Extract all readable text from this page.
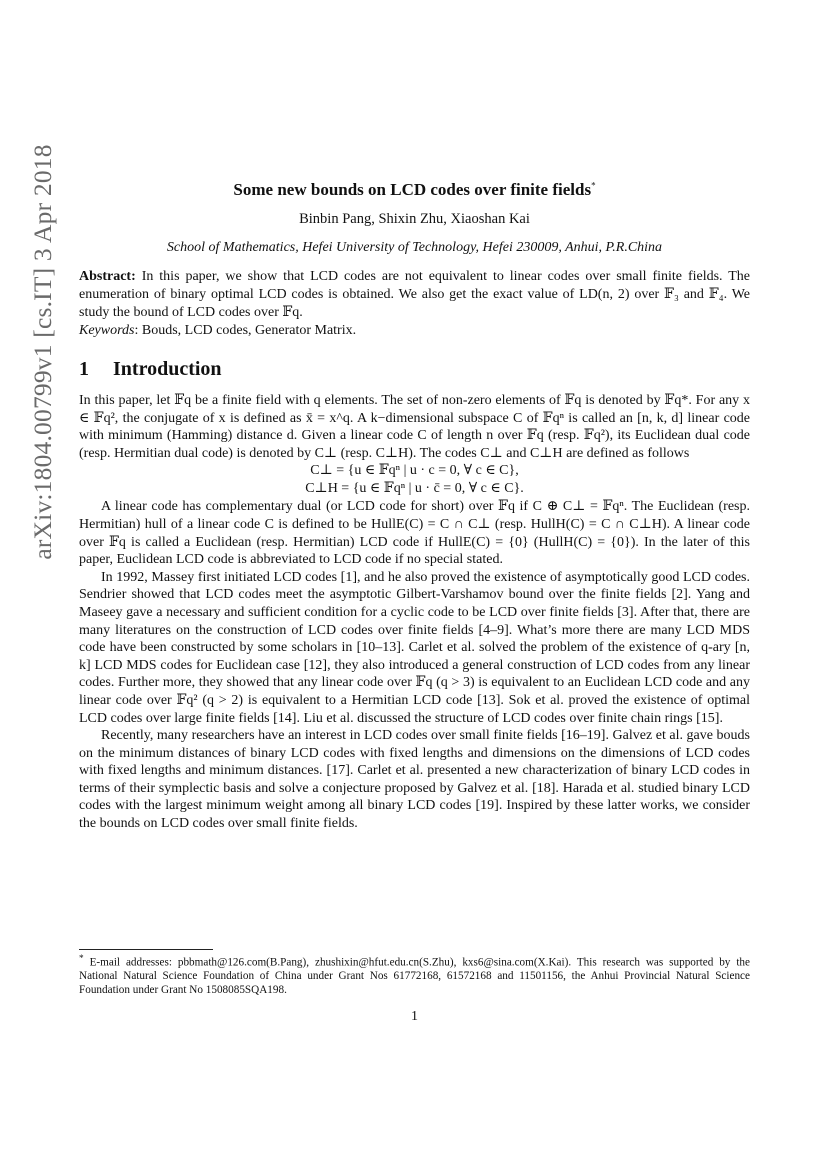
arXiv:1804.00799v1 [cs.IT] 3 Apr 2018	Some new bounds on LCD codes over finite fields*
Binbin Pang, Shixin Zhu, Xiaoshan Kai
School of Mathematics, Hefei University of Technology, Hefei 230009, Anhui, P.R.China
Abstract: In this paper, we show that LCD codes are not equivalent to linear codes over small finite fields. The enumeration of binary optimal LCD codes is obtained. We also get the exact value of LD(n, 2) over 𝔽₃ and 𝔽₄. We study the bound of LCD codes over 𝔽q.
Keywords: Bouds, LCD codes, Generator Matrix.
1 Introduction

In this paper, let 𝔽q be a finite field with q elements. The set of non-zero elements of 𝔽q is denoted by 𝔽q*. For any x ∈ 𝔽q², the conjugate of x is defined as x̄ = x^q. A k−dimensional subspace C of 𝔽qⁿ is called an [n, k, d] linear code with minimum (Hamming) distance d. Given a linear code C of length n over 𝔽q (resp. 𝔽q²), its Euclidean dual code (resp. Hermitian dual code) is denoted by C⊥ (resp. C⊥H). The codes C⊥ and C⊥H are defined as follows

C⊥ = {u ∈ 𝔽qⁿ | u · c = 0, ∀ c ∈ C},

C⊥H = {u ∈ 𝔽qⁿ | u · c̄ = 0, ∀ c ∈ C}.

A linear code has complementary dual (or LCD code for short) over 𝔽q if C ⊕ C⊥ = 𝔽qⁿ. The Euclidean (resp. Hermitian) hull of a linear code C is defined to be HullE(C) = C ∩ C⊥ (resp. HullH(C) = C ∩ C⊥H). A linear code over 𝔽q is called a Euclidean (resp. Hermitian) LCD code if HullE(C) = {0} (HullH(C) = {0}). In the later of this paper, Euclidean LCD code is abbreviated to LCD code if no special stated.

In 1992, Massey first initiated LCD codes [1], and he also proved the existence of asymptotically good LCD codes. Sendrier showed that LCD codes meet the asymptotic Gilbert-Varshamov bound over the finite fields [2]. Yang and Maseey gave a necessary and sufficient condition for a cyclic code to be LCD over finite fields [3]. After that, there are many literatures on the construction of LCD codes over finite fields [4–9]. What’s more there are many LCD MDS code have been constructed by some scholars in [10–13]. Carlet et al. solved the problem of the existence of q-ary [n, k] LCD MDS codes for Euclidean case [12], they also introduced a general construction of LCD codes from any linear codes. Further more, they showed that any linear code over 𝔽q (q > 3) is equivalent to an Euclidean LCD code and any linear code over 𝔽q² (q > 2) is equivalent to a Hermitian LCD code [13]. Sok et al. proved the existence of optimal LCD codes over large finite fields [14]. Liu et al. discussed the structure of LCD codes over finite chain rings [15].

Recently, many researchers have an interest in LCD codes over small finite fields [16–19]. Galvez et al. gave bouds on the minimum distances of binary LCD codes with fixed lengths and dimensions on the dimensions of LCD codes with fixed lengths and minimum distances. [17]. Carlet et al. presented a new characterization of binary LCD codes in terms of their symplectic basis and solve a conjecture proposed by Galvez et al. [18]. Harada et al. studied binary LCD codes with the largest minimum weight among all binary LCD codes [19]. Inspired by these latter works, we consider the bounds on LCD codes over small finite fields.

* E-mail addresses: pbbmath@126.com(B.Pang), zhushixin@hfut.edu.cn(S.Zhu), kxs6@sina.com(X.Kai). This research was supported by the National Natural Science Foundation of China under Grant Nos 61772168, 61572168 and 11501156, the Anhui Provincial Natural Science Foundation under Grant No 1508085SQA198.
1
